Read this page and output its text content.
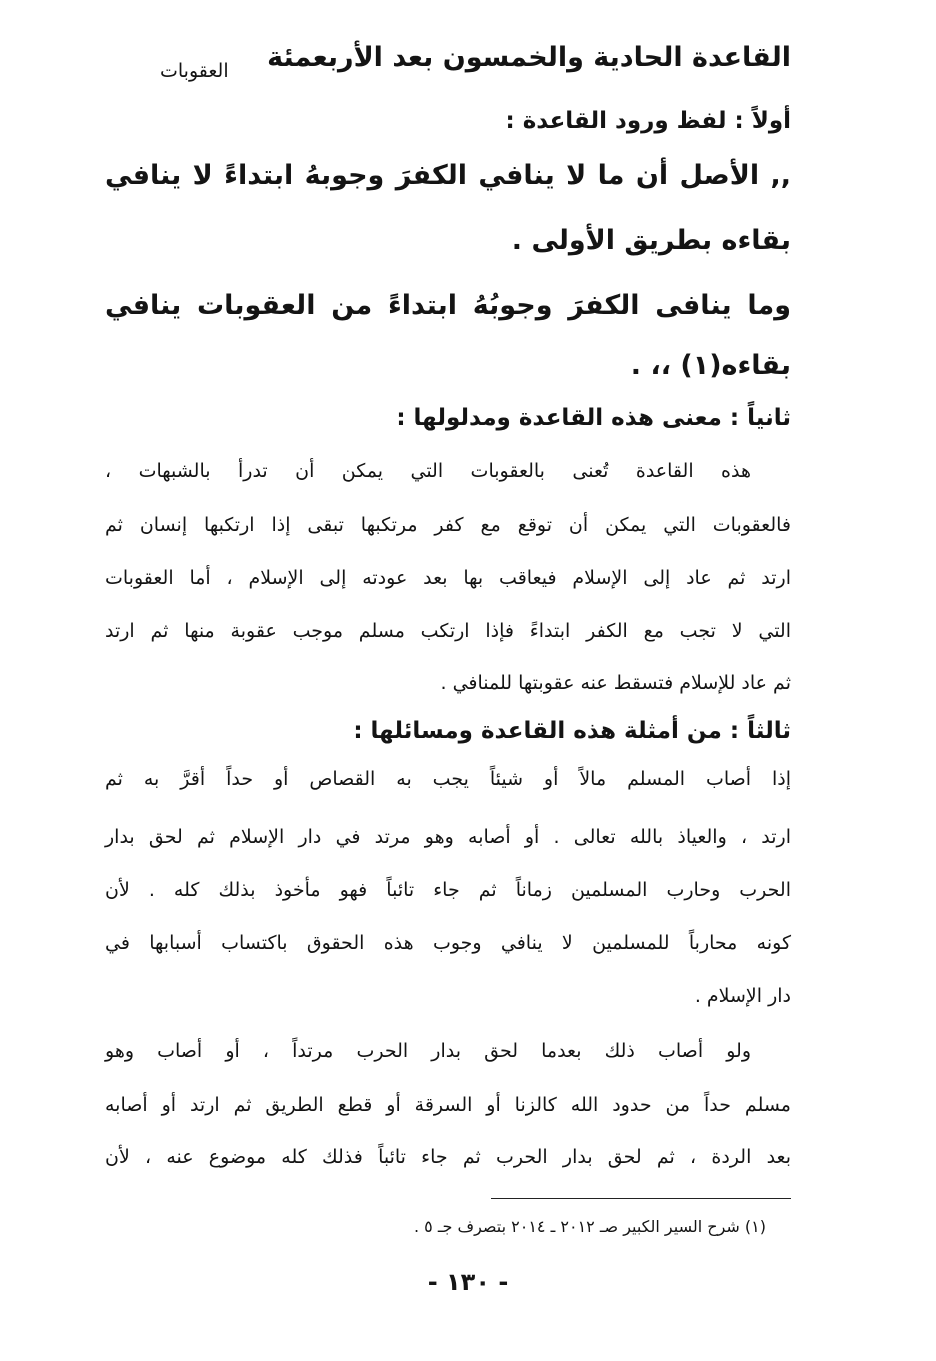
القاعدة الحادية والخمسون بعد الأربعمئة
العقوبات
أولاً : لفظ ورود القاعدة :
,, الأصل أن ما لا ينافي الكفرَ وجوبهُ ابتداءً لا ينافي
بقاءه بطريق الأولى .
وما ينافى الكفرَ وجوبُهُ ابتداءً من العقوبات ينافي
بقاءه(١) ،، .
ثانياً : معنى هذه القاعدة ومدلولها :
هذه القاعدة تُعنى بالعقوبات التي يمكن أن تدرأ بالشبهات ،
فالعقوبات التي يمكن أن توقع مع كفر مرتكبها تبقى إذا ارتكبها إنسان ثم
ارتد ثم عاد إلى الإسلام فيعاقب بها بعد عودته إلى الإسلام ، أما العقوبات
التي لا تجب مع الكفر ابتداءً فإذا ارتكب مسلم موجب عقوبة منها ثم ارتد
ثم عاد للإسلام فتسقط عنه عقوبتها للمنافي .
ثالثاً : من أمثلة هذه القاعدة ومسائلها :
إذا أصاب المسلم مالاً أو شيئاً يجب به القصاص أو حداً أقرَّ به ثم
ارتد ، والعياذ بالله تعالى . أو أصابه وهو مرتد في دار الإسلام ثم لحق بدار
الحرب وحارب المسلمين زماناً ثم جاء تائباً فهو مأخوذ بذلك كله . لأن
كونه محارباً للمسلمين لا ينافي وجوب هذه الحقوق باكتساب أسبابها في
دار الإسلام .
ولو أصاب ذلك بعدما لحق بدار الحرب مرتداً ، أو أصاب وهو
مسلم حداً من حدود الله كالزنا أو السرقة أو قطع الطريق ثم ارتد أو أصابه
بعد الردة ، ثم لحق بدار الحرب ثم جاء تائباً فذلك كله موضوع عنه ، لأن
(١) شرح السير الكبير صـ ٢٠١٢ ـ ٢٠١٤ بتصرف جـ ٥ .
- ١٣٠ -
